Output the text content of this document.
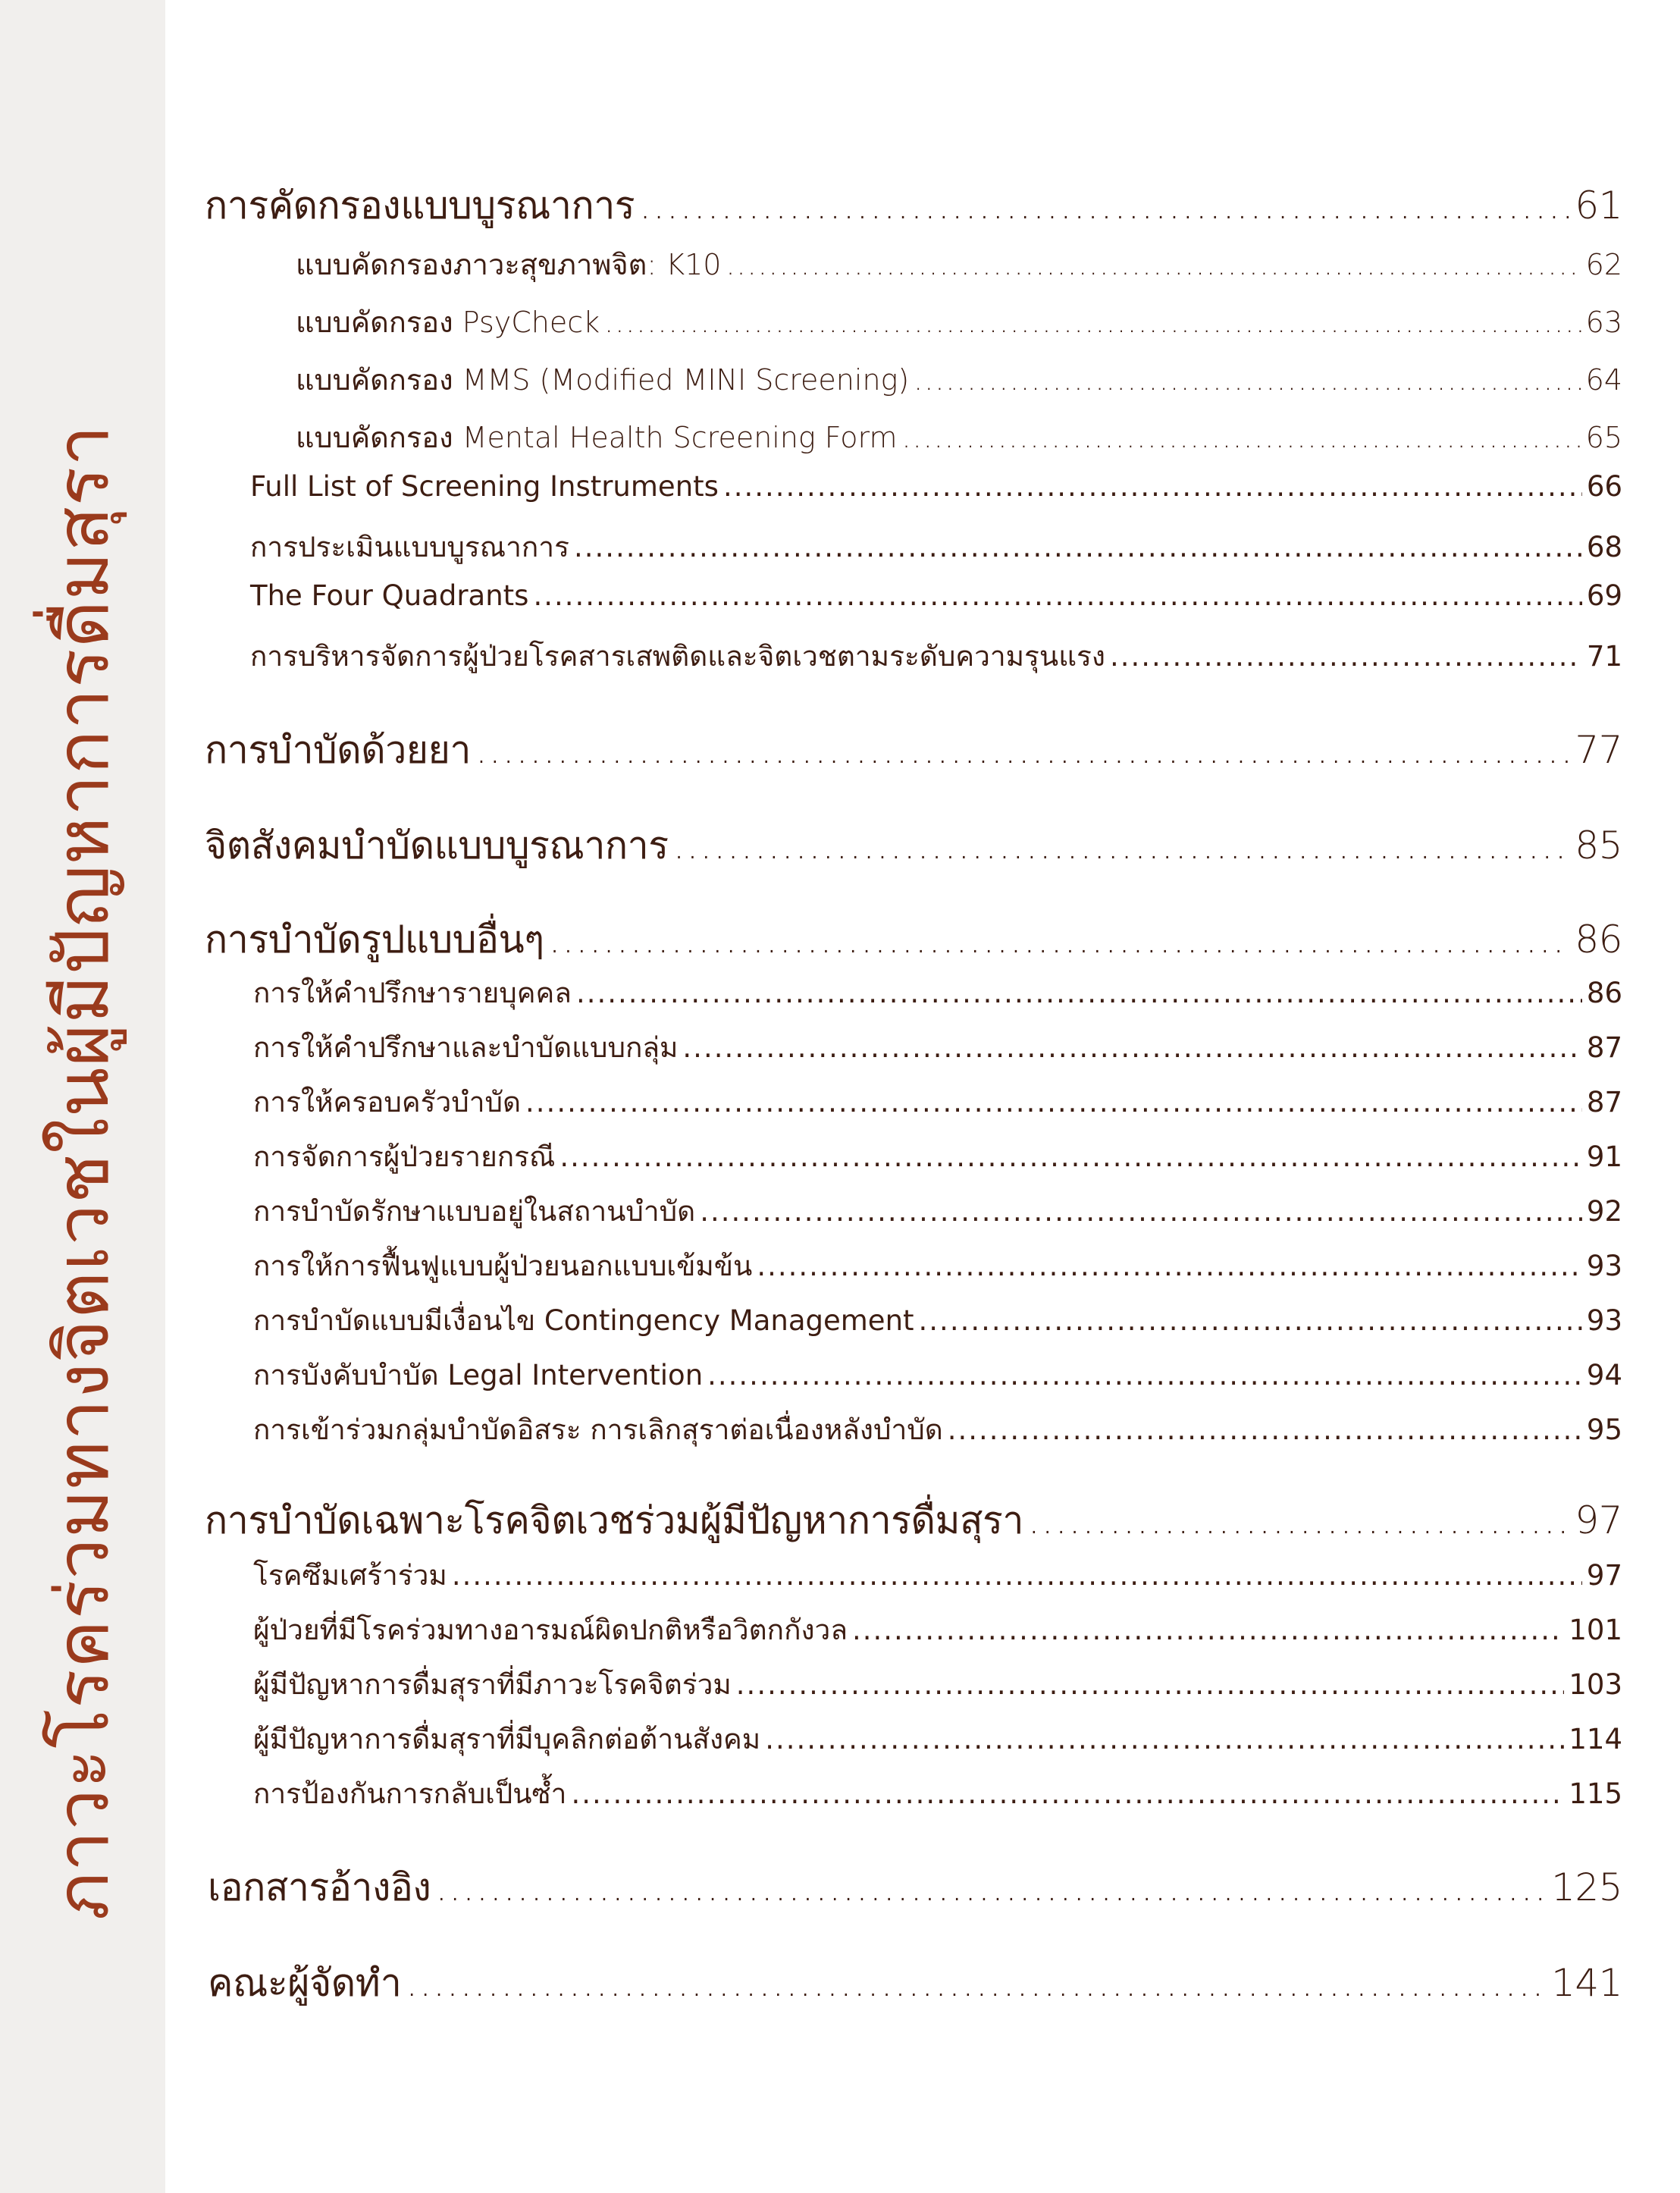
ภาวะโรคร่วมทางจิตเวชในผู้มีปัญหาการดื่มสุรา
การคัดกรองแบบบูรณาการ .....	61
แบบคัดกรองภาวะสุขภาพจิต: K10 .....	62
แบบคัดกรอง PsyCheck .....	63
แบบคัดกรอง MMS (Modified MINI Screening) .....	64
แบบคัดกรอง Mental Health Screening Form .....	65
Full List of Screening Instruments .....	66
การประเมินแบบบูรณาการ .....	68
The Four Quadrants .....	69
การบริหารจัดการผู้ป่วยโรคสารเสพติดและจิตเวชตามระดับความรุนแรง .....	71
การบำบัดด้วยยา .....	77
จิตสังคมบำบัดแบบบูรณาการ .....	85
การบำบัดรูปแบบอื่นๆ .....	86
การให้คำปรึกษารายบุคคล .....	86
การให้คำปรึกษาและบำบัดแบบกลุ่ม .....	87
การให้ครอบครัวบำบัด .....	87
การจัดการผู้ป่วยรายกรณี .....	91
การบำบัดรักษาแบบอยู่ในสถานบำบัด .....	92
การให้การฟื้นฟูแบบผู้ป่วยนอกแบบเข้มข้น .....	93
การบำบัดแบบมีเงื่อนไข Contingency Management .....	93
การบังคับบำบัด Legal Intervention .....	94
การเข้าร่วมกลุ่มบำบัดอิสระ การเลิกสุราต่อเนื่องหลังบำบัด .....	95
การบำบัดเฉพาะโรคจิตเวชร่วมผู้มีปัญหาการดื่มสุรา .....	97
โรคซึมเศร้าร่วม .....	97
ผู้ป่วยที่มีโรคร่วมทางอารมณ์ผิดปกติหรือวิตกกังวล .....	101
ผู้มีปัญหาการดื่มสุราที่มีภาวะโรคจิตร่วม .....	103
ผู้มีปัญหาการดื่มสุราที่มีบุคลิกต่อต้านสังคม .....	114
การป้องกันการกลับเป็นซ้ำ .....	115
เอกสารอ้างอิง .....	125
คณะผู้จัดทำ .....	141
